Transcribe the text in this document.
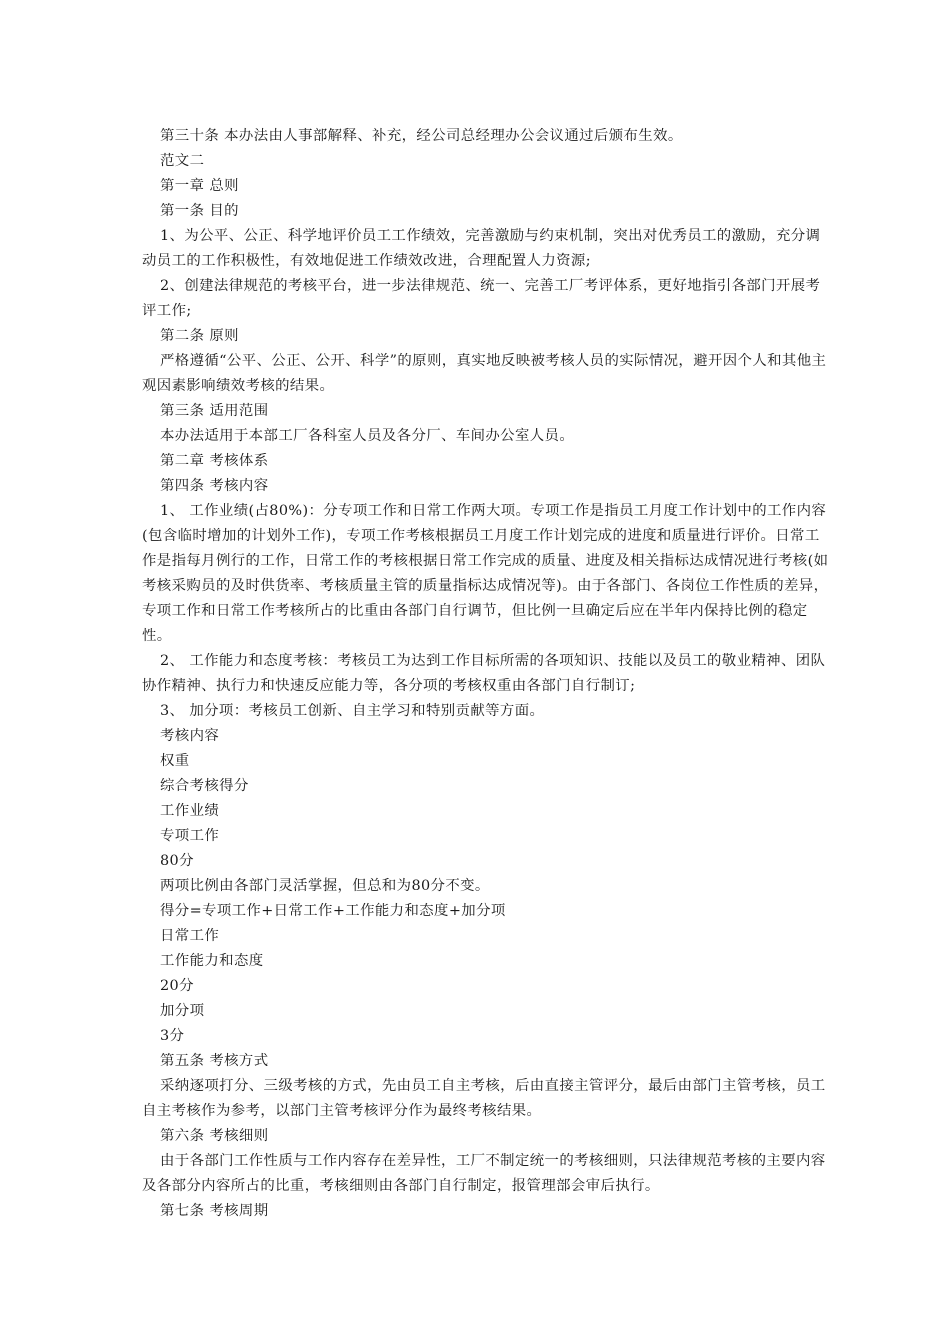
第三十条 本办法由人事部解释、补充，经公司总经理办公会议通过后颁布生效。

范文二

第一章 总则

第一条 目的

1、为公平、公正、科学地评价员工工作绩效，完善激励与约束机制，突出对优秀员工的激励，充分调动员工的工作积极性，有效地促进工作绩效改进，合理配置人力资源;

2、创建法律规范的考核平台，进一步法律规范、统一、完善工厂考评体系，更好地指引各部门开展考评工作;

第二条 原则

严格遵循“公平、公正、公开、科学”的原则，真实地反映被考核人员的实际情况，避开因个人和其他主观因素影响绩效考核的结果。

第三条 适用范围

本办法适用于本部工厂各科室人员及各分厂、车间办公室人员。

第二章 考核体系

第四条 考核内容

1、 工作业绩(占80%)：分专项工作和日常工作两大项。专项工作是指员工月度工作计划中的工作内容(包含临时增加的计划外工作)，专项工作考核根据员工月度工作计划完成的进度和质量进行评价。日常工作是指每月例行的工作，日常工作的考核根据日常工作完成的质量、进度及相关指标达成情况进行考核(如考核采购员的及时供货率、考核质量主管的质量指标达成情况等)。由于各部门、各岗位工作性质的差异，专项工作和日常工作考核所占的比重由各部门自行调节，但比例一旦确定后应在半年内保持比例的稳定性。

2、 工作能力和态度考核：考核员工为达到工作目标所需的各项知识、技能以及员工的敬业精神、团队协作精神、执行力和快速反应能力等，各分项的考核权重由各部门自行制订;

3、 加分项：考核员工创新、自主学习和特别贡献等方面。

考核内容

权重

综合考核得分

工作业绩

专项工作

80分

两项比例由各部门灵活掌握，但总和为80分不变。

得分=专项工作+日常工作+工作能力和态度+加分项

日常工作

工作能力和态度

20分

加分项

3分

第五条 考核方式

采纳逐项打分、三级考核的方式，先由员工自主考核，后由直接主管评分，最后由部门主管考核，员工自主考核作为参考，以部门主管考核评分作为最终考核结果。

第六条 考核细则

由于各部门工作性质与工作内容存在差异性，工厂不制定统一的考核细则，只法律规范考核的主要内容及各部分内容所占的比重，考核细则由各部门自行制定，报管理部会审后执行。

第七条 考核周期
